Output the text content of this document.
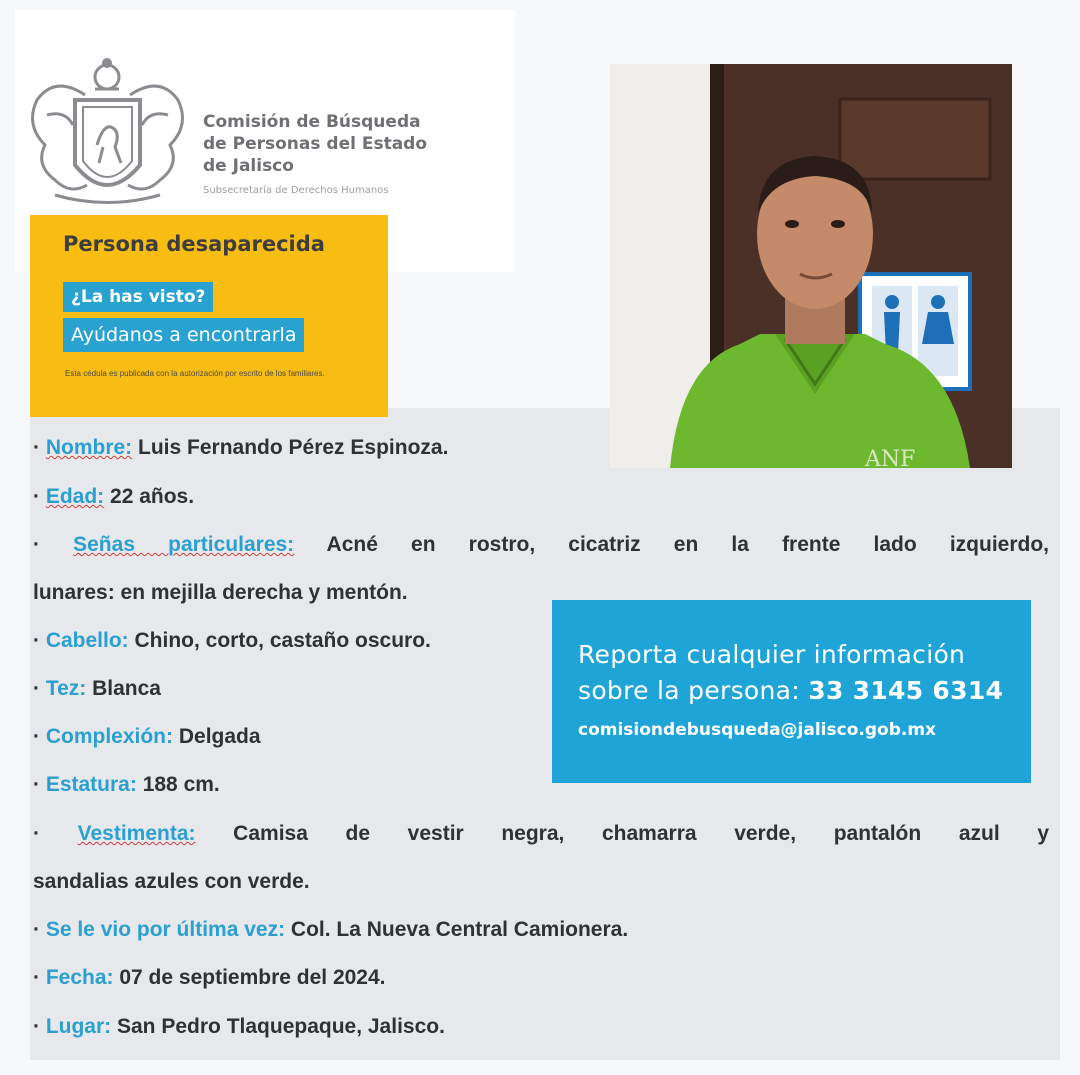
Comisión de Búsqueda
de Personas del Estado
de Jalisco
Subsecretaría de Derechos Humanos
Persona desaparecida
¿La has visto?
Ayúdanos a encontrarla
Esta cédula es publicada con la autorización por escrito de los familiares.
ANF
· Nombre: Luis Fernando Pérez Espinoza.
· Edad: 22 años.
· Señas particulares: Acné en rostro, cicatriz en la frente lado izquierdo,
lunares: en mejilla derecha y mentón.
· Cabello: Chino, corto, castaño oscuro.
· Tez: Blanca
· Complexión: Delgada
· Estatura: 188 cm.
· Vestimenta: Camisa de vestir negra, chamarra verde, pantalón azul y
sandalias azules con verde.
· Se le vio por última vez: Col. La Nueva Central Camionera.
· Fecha: 07 de septiembre del 2024.
· Lugar: San Pedro Tlaquepaque, Jalisco.
Reporta cualquier información
sobre la persona: 33 3145 6314
comisiondebusqueda@jalisco.gob.mx
